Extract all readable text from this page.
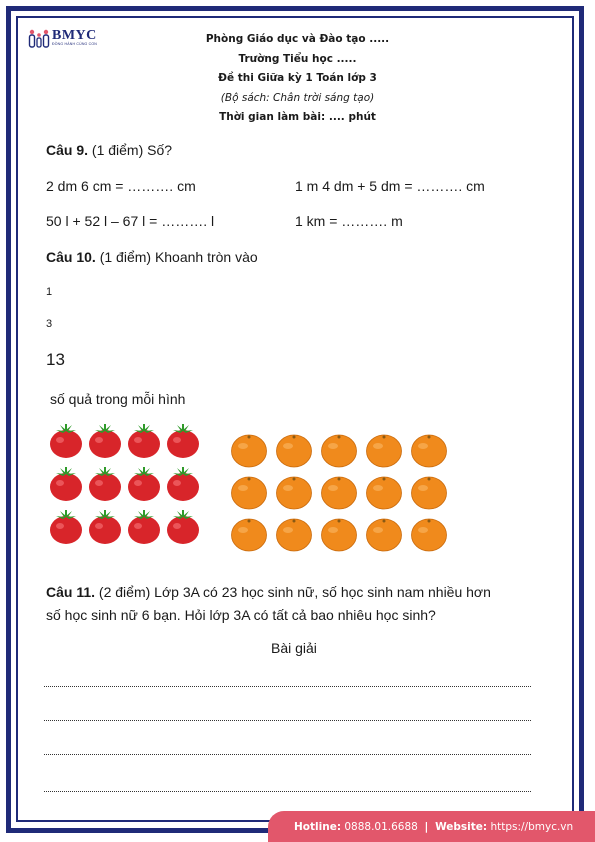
BMYC
ĐỒNG HÀNH CÙNG CON	Phòng Giáo dục và Đào tạo .....
Trường Tiểu học .....
Đề thi Giữa kỳ 1 Toán lớp 3
(Bộ sách: Chân trời sáng tạo)
Thời gian làm bài: .... phút
Câu 9. (1 điểm) Số?
2 dm 6 cm = ………. cm	1 m 4 dm + 5 dm = ………. cm
50 l + 52 l – 67 l = ………. l	1 km = ………. m
Câu 10. (1 điểm) Khoanh tròn vào
1
3
13
số quả trong mỗi hình
Câu 11. (2 điểm) Lớp 3A có 23 học sinh nữ, số học sinh nam nhiều hơn
số học sinh nữ 6 bạn. Hỏi lớp 3A có tất cả bao nhiêu học sinh?
Bài giải
Hotline:
0888.01.6688
|
Website:
https://bmyc.vn
